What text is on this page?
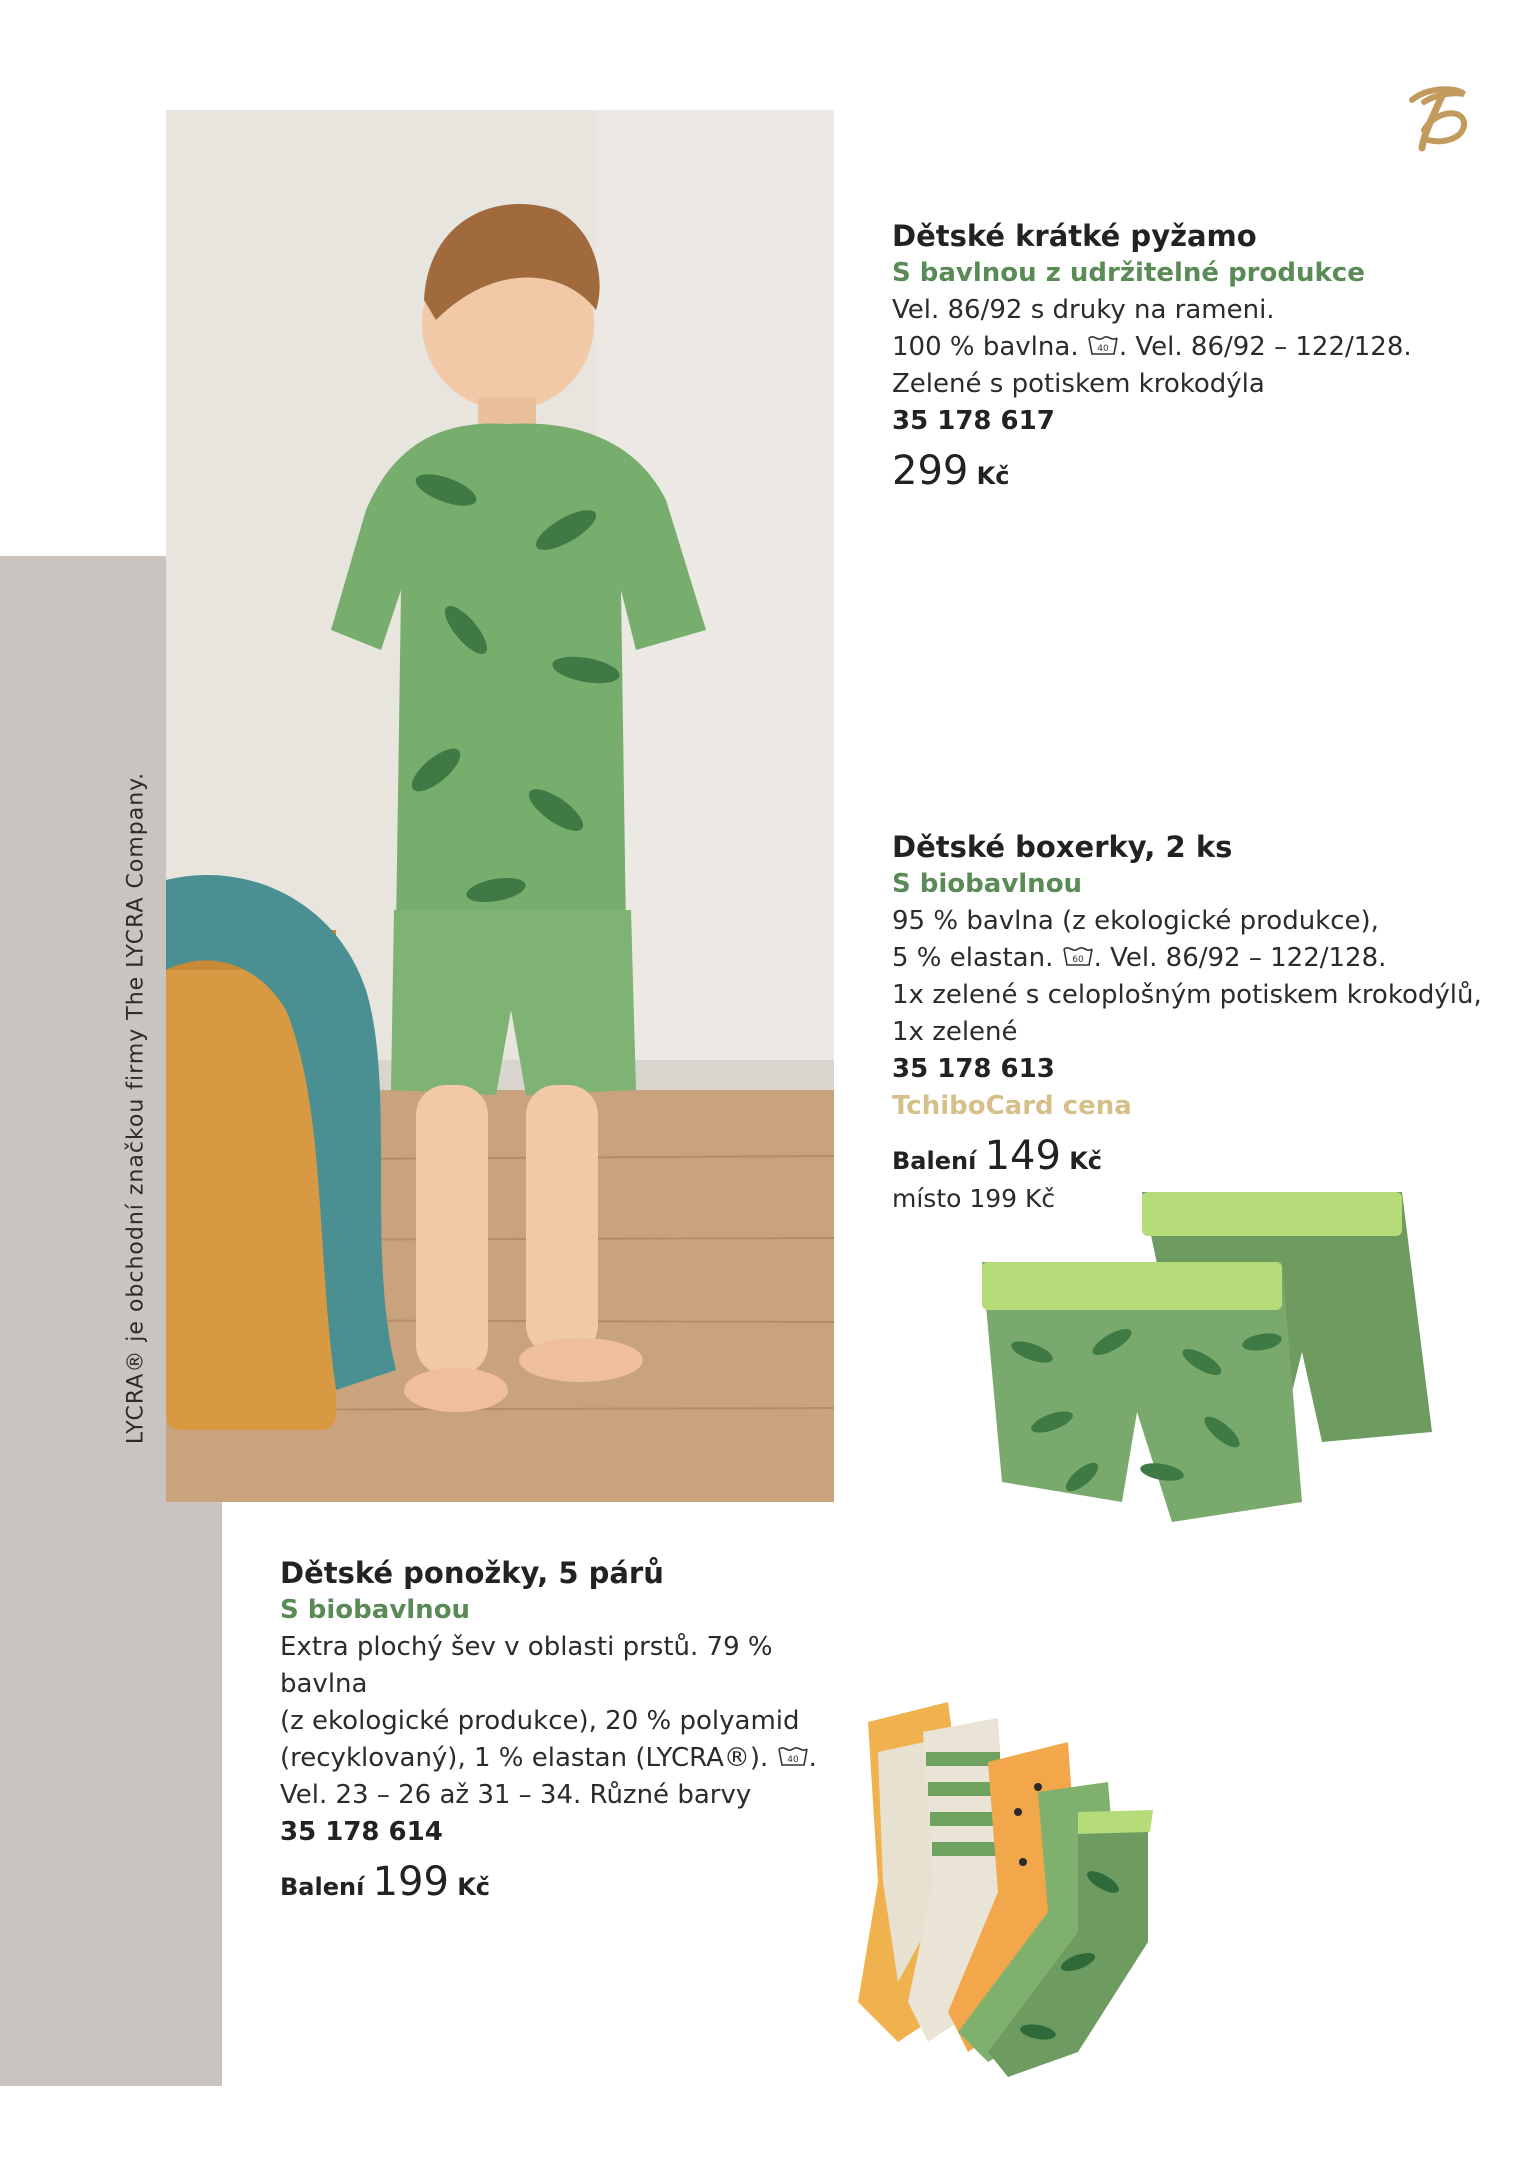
LYCRA® je obchodní značkou firmy The LYCRA Company.
Dětské krátké pyžamo
S bavlnou z udržitelné produkce
Vel. 86/92 s druky na rameni.
100 % bavlna. 40 . Vel. 86/92 – 122/128.
Zelené s potiskem krokodýla
35 178 617
299 Kč
Dětské boxerky, 2 ks
S biobavlnou
95 % bavlna (z ekologické produkce),
5 % elastan. 60 . Vel. 86/92 – 122/128.
1x zelené s celoplošným potiskem krokodýlů,
1x zelené
35 178 613
TchiboCard cena
Balení 149 Kč
místo 199 Kč
Dětské ponožky, 5 párů
S biobavlnou
Extra plochý šev v oblasti prstů. 79 % bavlna
(z ekologické produkce), 20 % polyamid
(recyklovaný), 1 % elastan (LYCRA®). 40 .
Vel. 23 – 26 až 31 – 34. Různé barvy
35 178 614
Balení 199 Kč
